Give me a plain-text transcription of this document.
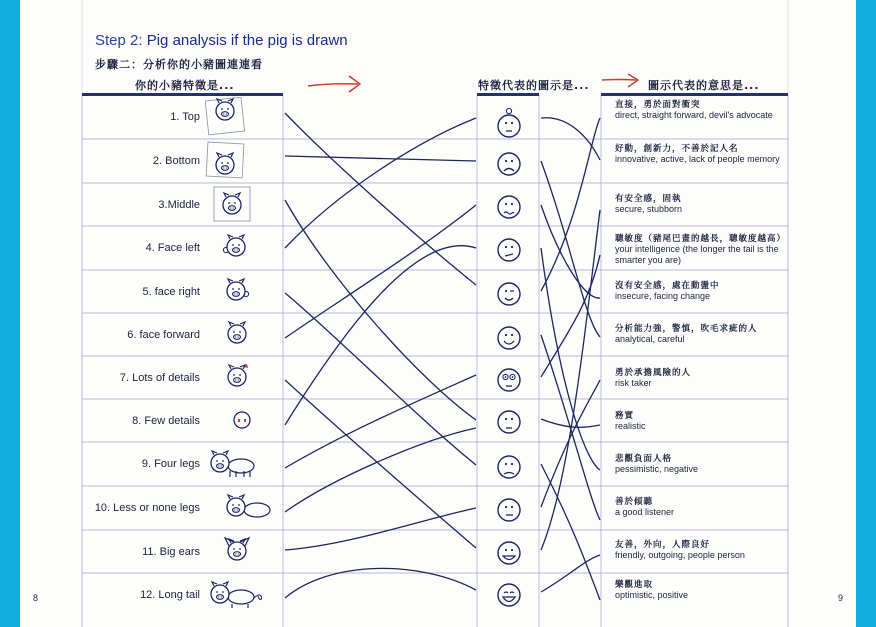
Step 2: Pig analysis if the pig is drawn
步驟二：分析你的小豬圖連連看
你的小豬特徵是...	特徵代表的圖示是...	圖示代表的意思是...
1. Top
2. Bottom
3.Middle
4. Face left
5. face right
6. face forward
7. Lots of details
8. Few details
9. Four legs
10. Less or none legs
11. Big ears
12. Long tail
直接，勇於面對衝突
direct, straight forward, devil's advocate
好動，創新力，不善於記人名
innovative, active, lack of people memory
有安全感，固執
secure, stubborn
聰敏度（豬尾巴畫的越長，聰敏度越高）
your intelligence (the longer the tail is the smarter you are)
沒有安全感，處在動盪中
insecure, facing change
分析能力強，警慎，吹毛求疵的人
analytical, careful
勇於承擔風險的人
risk taker
務實
realistic
悲觀負面人格
pessimistic, negative
善於傾聽
a good listener
友善，外向，人際良好
friendly, outgoing, people person
樂觀進取
optimistic, positive
8	9
